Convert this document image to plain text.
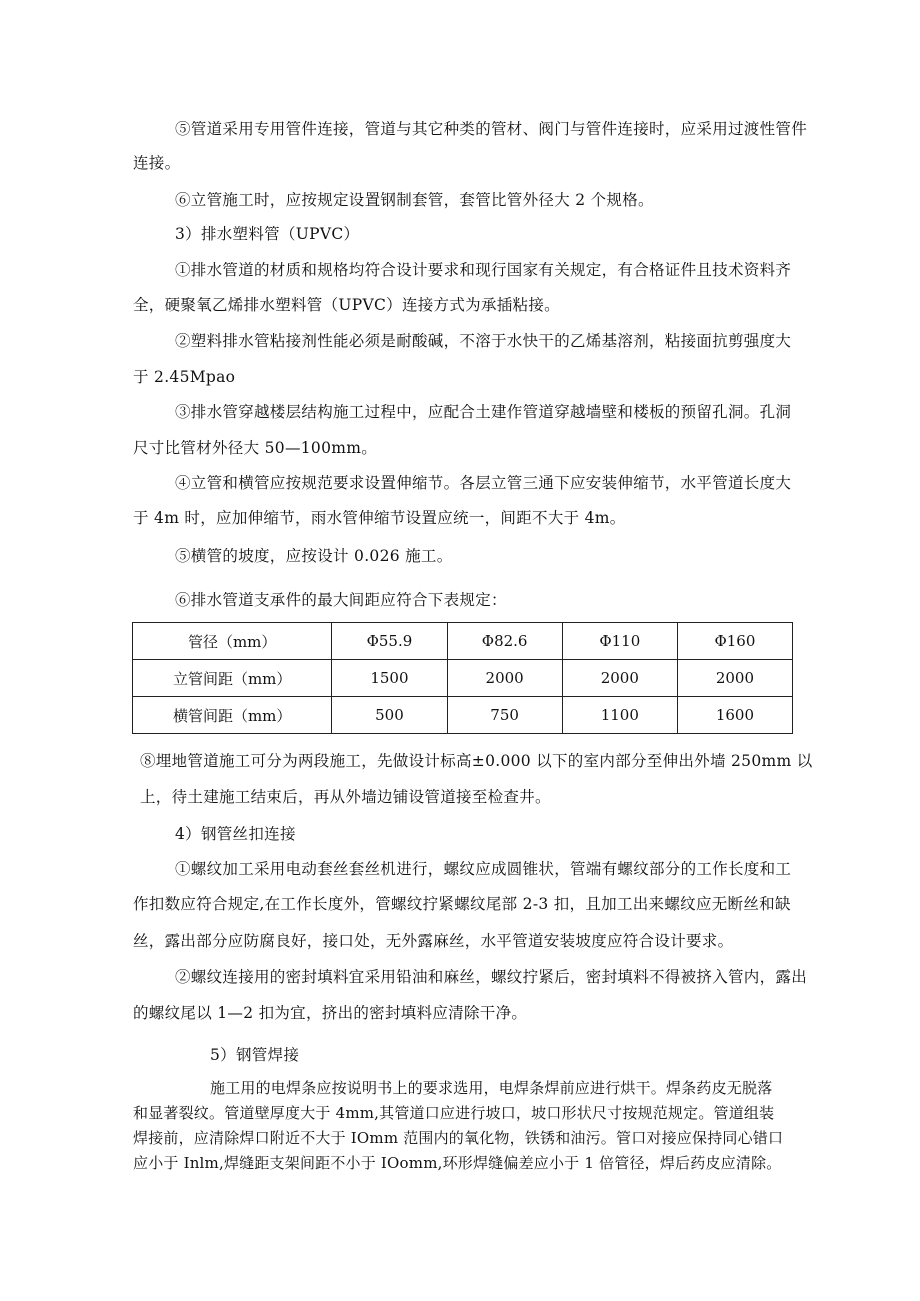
⑤管道采用专用管件连接，管道与其它种类的管材、阀门与管件连接时，应采用过渡性管件
连接。
⑥立管施工时，应按规定设置钢制套管，套管比管外径大 2 个规格。
3）排水塑料管（UPVC）
①排水管道的材质和规格均符合设计要求和现行国家有关规定，有合格证件且技术资料齐
全，硬聚氧乙烯排水塑料管（UPVC）连接方式为承插粘接。
②塑料排水管粘接剂性能必须是耐酸碱，不溶于水快干的乙烯基溶剂，粘接面抗剪强度大
于 2.45Mpao
③排水管穿越楼层结构施工过程中，应配合土建作管道穿越墙壁和楼板的预留孔洞。孔洞
尺寸比管材外径大 50—100mm。
④立管和横管应按规范要求设置伸缩节。各层立管三通下应安装伸缩节，水平管道长度大
于 4m 时，应加伸缩节，雨水管伸缩节设置应统一，间距不大于 4m。
⑤横管的坡度，应按设计 0.026 施工。
⑥排水管道支承件的最大间距应符合下表规定：
管径（mm）	Φ55.9	Φ82.6	Φ110	Φ160
立管间距（mm）	1500	2000	2000	2000
横管间距（mm）	500	750	1100	1600
⑧埋地管道施工可分为两段施工，先做设计标高±0.000 以下的室内部分至伸出外墙 250mm 以
上，待土建施工结束后，再从外墙边铺设管道接至检查井。
4）钢管丝扣连接
①螺纹加工采用电动套丝套丝机进行，螺纹应成圆锥状，管端有螺纹部分的工作长度和工
作扣数应符合规定,在工作长度外，管螺纹拧紧螺纹尾部 2-3 扣，且加工出来螺纹应无断丝和缺
丝，露出部分应防腐良好，接口处，无外露麻丝，水平管道安装坡度应符合设计要求。
②螺纹连接用的密封填料宜采用铅油和麻丝，螺纹拧紧后，密封填料不得被挤入管内，露出
的螺纹尾以 1—2 扣为宜，挤出的密封填料应清除干净。
5）钢管焊接
施工用的电焊条应按说明书上的要求选用，电焊条焊前应进行烘干。焊条药皮无脱落
和显著裂纹。管道壁厚度大于 4mm,其管道口应进行坡口，坡口形状尺寸按规范规定。管道组装
焊接前，应清除焊口附近不大于 IOmm 范围内的氧化物，铁锈和油污。管口对接应保持同心错口
应小于 Inlm,焊缝距支架间距不小于 IOomm,环形焊缝偏差应小于 1 倍管径，焊后药皮应清除。
